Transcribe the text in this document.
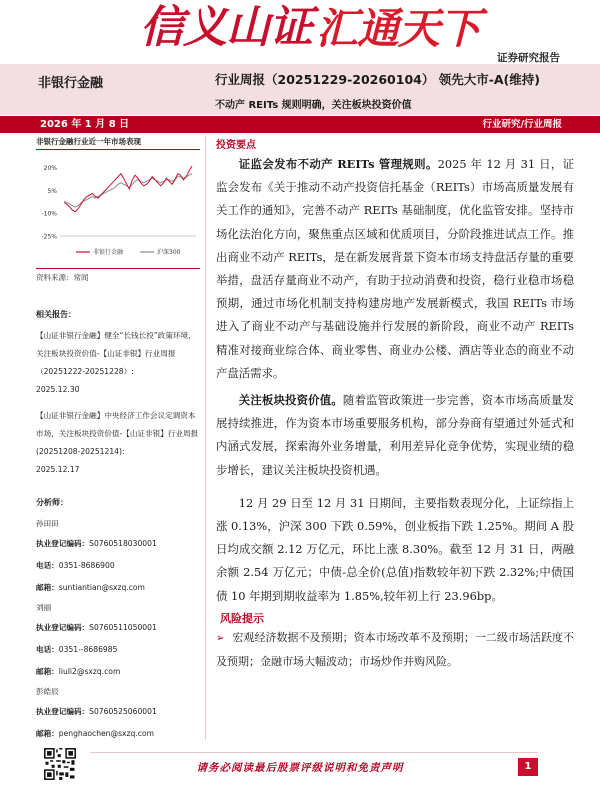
信义山证 汇通天下
证券研究报告
非银行金融	行业周报（20251229-20260104） 领先大市-A(维持)
不动产 REITs 规则明确，关注板块投资价值
2026 年 1 月 8 日	行业研究/行业周报
非银行金融行业近一年市场表现
20%
5%
-10%
-25%
非银行金融	沪深300
资料来源：常闻
相关报告：
【山证非银行金融】健全“长钱长投”政策环境，关注板块投资价值-【山证非银】行业周报（20251222-20251228）:
2025.12.30
【山证非银行金融】中央经济工作会议定调资本市场，关注板块投资价值-【山证非银】行业周报(20251208-20251214):
2025.12.17
分析师：
孙田田
执业登记编码：S0760518030001
电话：0351-8686900
邮箱：suntiantian@sxzq.com
刘丽
执业登记编码：S0760511050001
电话：0351--8686985
邮箱：liuli2@sxzq.com
彭皓辰
执业登记编码：S0760525060001
邮箱：penghaochen@sxzq.com
投资要点

证监会发布不动产 REITs 管理规则。2025 年 12 月 31 日，证监会发布《关于推动不动产投资信托基金（REITs）市场高质量发展有关工作的通知》，完善不动产 REITs 基础制度，优化监管安排。坚持市场化法治化方向，聚焦重点区域和优质项目，分阶段推进试点工作。推出商业不动产 REITs，是在新发展背景下资本市场支持盘活存量的重要举措，盘活存量商业不动产，有助于拉动消费和投资，稳行业稳市场稳预期，通过市场化机制支持构建房地产发展新模式，我国 REITs 市场进入了商业不动产与基础设施并行发展的新阶段，商业不动产 REITs 精准对接商业综合体、商业零售、商业办公楼、酒店等业态的商业不动产盘活需求。

关注板块投资价值。随着监管政策进一步完善，资本市场高质量发展持续推进，作为资本市场重要服务机构，部分券商有望通过外延式和内涵式发展，探索海外业务增量，利用差异化竞争优势，实现业绩的稳步增长，建议关注板块投资机遇。

12 月 29 日至 12 月 31 日期间，主要指数表现分化，上证综指上涨 0.13%，沪深 300 下跌 0.59%，创业板指下跌 1.25%。期间 A 股日均成交额 2.12 万亿元，环比上涨 8.30%。截至 12 月 31 日，两融余额 2.54 万亿元；中债-总全价(总值)指数较年初下跌 2.32%;中债国债 10 年期到期收益率为 1.85%,较年初上行 23.96bp。

风险提示

➢ 宏观经济数据不及预期；资本市场改革不及预期；一二级市场活跃度不及预期；金融市场大幅波动；市场炒作并购风险。

请务必阅读最后股票评级说明和免责声明	1
